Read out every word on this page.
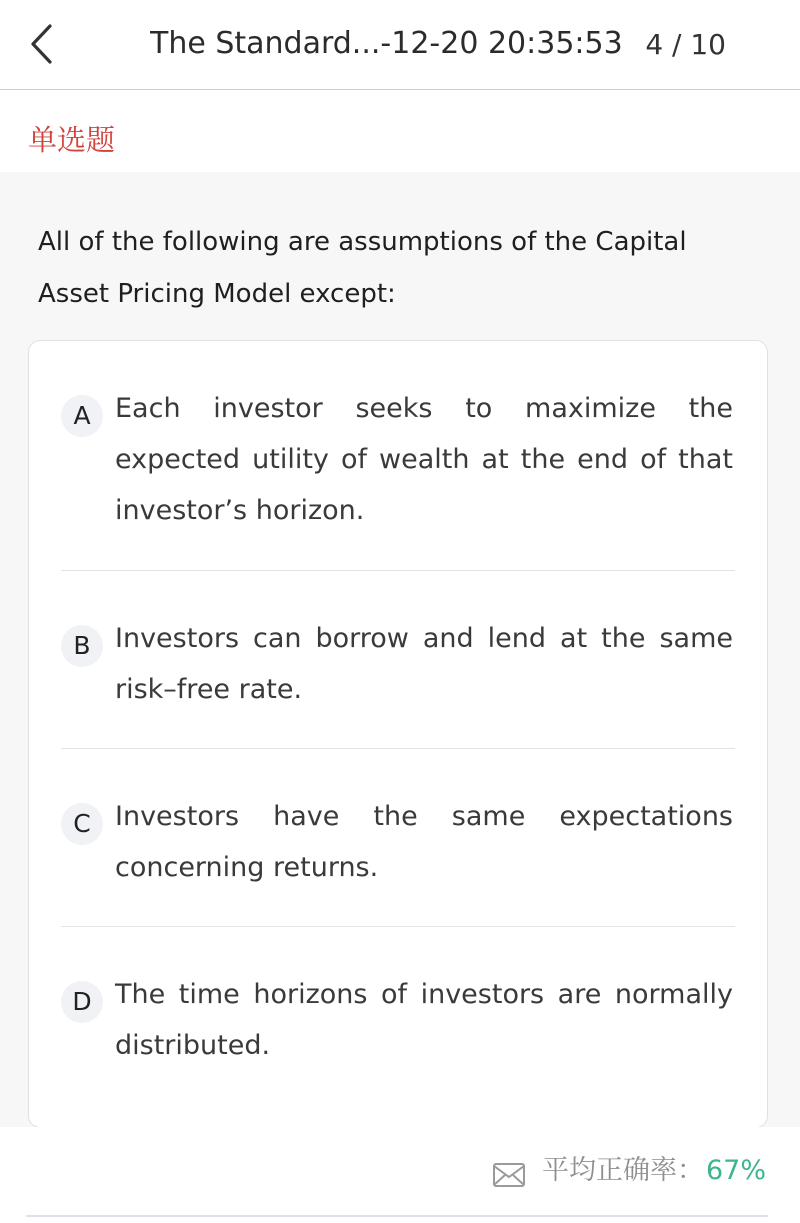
The Standard...-12-20 20:35:53 4 / 10
单选题
All of the following are assumptions of the Capital Asset Pricing Model except:
A Each investor seeks to maximize the expected utility of wealth at the end of that investor’s horizon.
B Investors can borrow and lend at the same risk–free rate.
C Investors have the same expectations concerning returns.
D The time horizons of investors are normally distributed.
平均正确率： 67%
